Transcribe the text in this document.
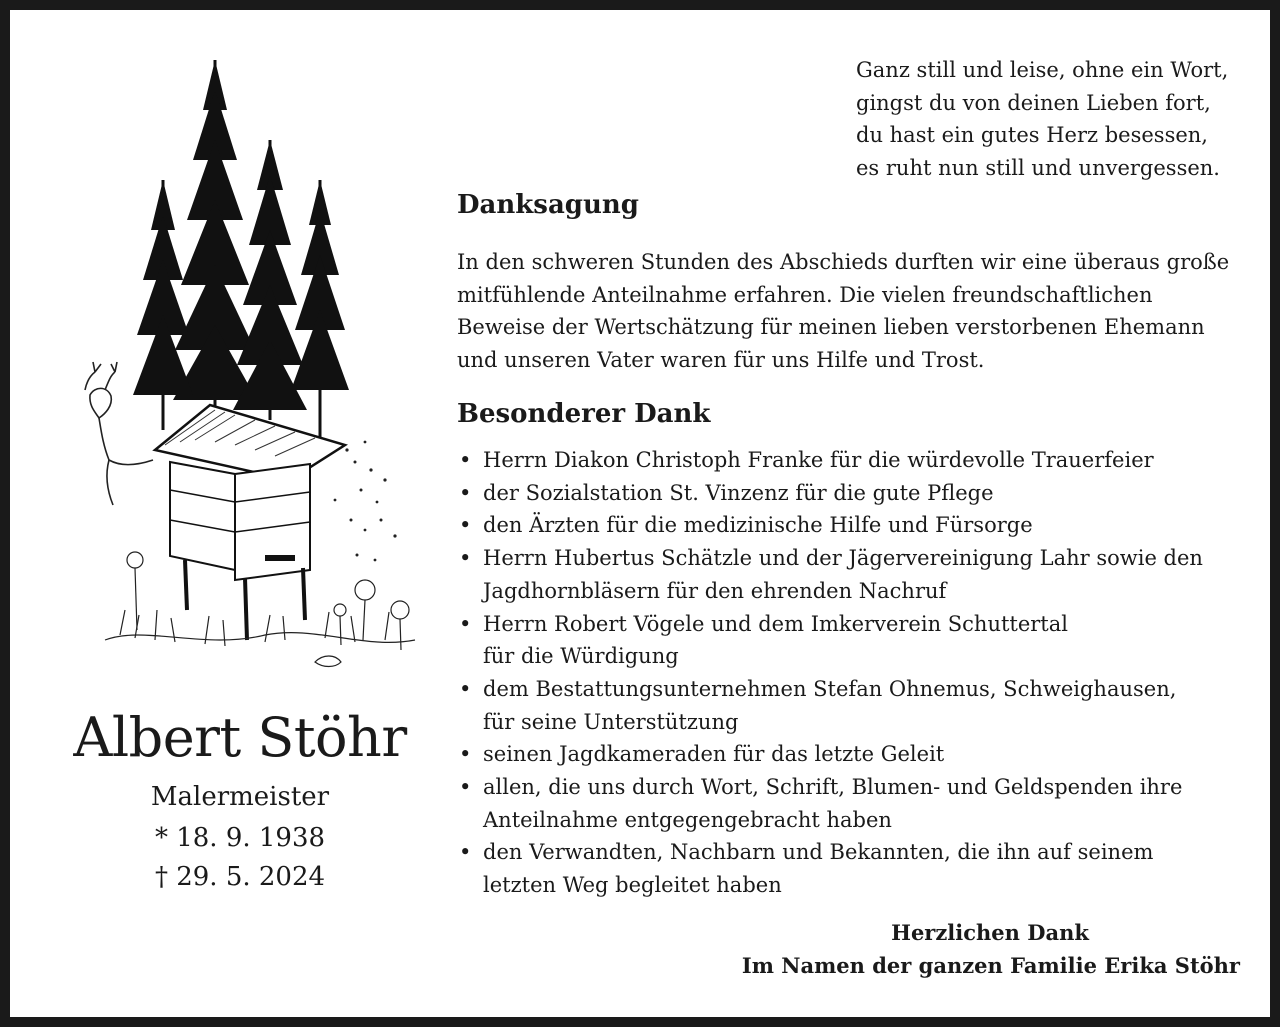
Albert Stöhr
Malermeister
* 18. 9. 1938
† 29. 5. 2024
Ganz still und leise, ohne ein Wort,
gingst du von deinen Lieben fort,
du hast ein gutes Herz besessen,
es ruht nun still und unvergessen.
Danksagung
In den schweren Stunden des Abschieds durften wir eine überaus große
mitfühlende Anteilnahme erfahren. Die vielen freundschaftlichen
Beweise der Wertschätzung für meinen lieben verstorbenen Ehemann
und unseren Vater waren für uns Hilfe und Trost.
Besonderer Dank
• Herrn Diakon Christoph Franke für die würdevolle Trauerfeier
• der Sozialstation St. Vinzenz für die gute Pflege
• den Ärzten für die medizinische Hilfe und Fürsorge
• Herrn Hubertus Schätzle und der Jägervereinigung Lahr sowie den
Jagdhornbläsern für den ehrenden Nachruf
• Herrn Robert Vögele und dem Imkerverein Schuttertal
für die Würdigung
• dem Bestattungsunternehmen Stefan Ohnemus, Schweighausen,
für seine Unterstützung
• seinen Jagdkameraden für das letzte Geleit
• allen, die uns durch Wort, Schrift, Blumen- und Geldspenden ihre
Anteilnahme entgegengebracht haben
• den Verwandten, Nachbarn und Bekannten, die ihn auf seinem
letzten Weg begleitet haben
Herzlichen Dank
Im Namen der ganzen Familie Erika Stöhr
